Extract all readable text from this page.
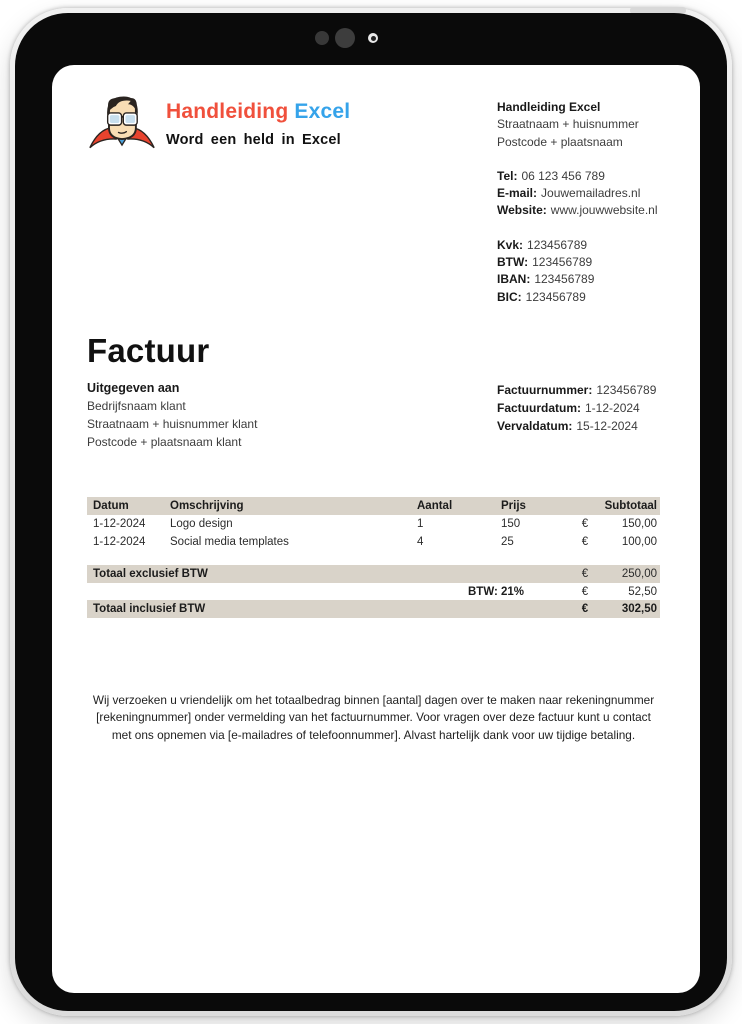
Handleiding Excel
Word een held in Excel
Handleiding Excel
Straatnaam + huisnummer
Postcode + plaatsnaam
Tel: 06 123 456 789
E-mail: Jouwemailadres.nl
Website: www.jouwwebsite.nl
Kvk: 123456789
BTW: 123456789
IBAN: 123456789
BIC: 123456789
Factuur
Uitgegeven aan
Bedrijfsnaam klant
Straatnaam + huisnummer klant
Postcode + plaatsnaam klant
Factuurnummer: 123456789
Factuurdatum: 1-12-2024
Vervaldatum: 15-12-2024
Datum	Omschrijving	Aantal	Prijs	Subtotaal
1-12-2024	Logo design	1	150	€	150,00
1-12-2024	Social media templates	4	25	€	100,00
Totaal exclusief BTW	€	250,00
BTW: 21%	€	52,50
Totaal inclusief BTW	€	302,50

Wij verzoeken u vriendelijk om het totaalbedrag binnen [aantal] dagen over te maken naar rekeningnummer [rekeningnummer] onder vermelding van het factuurnummer. Voor vragen over deze factuur kunt u contact met ons opnemen via [e-mailadres of telefoonnummer]. Alvast hartelijk dank voor uw tijdige betaling.
